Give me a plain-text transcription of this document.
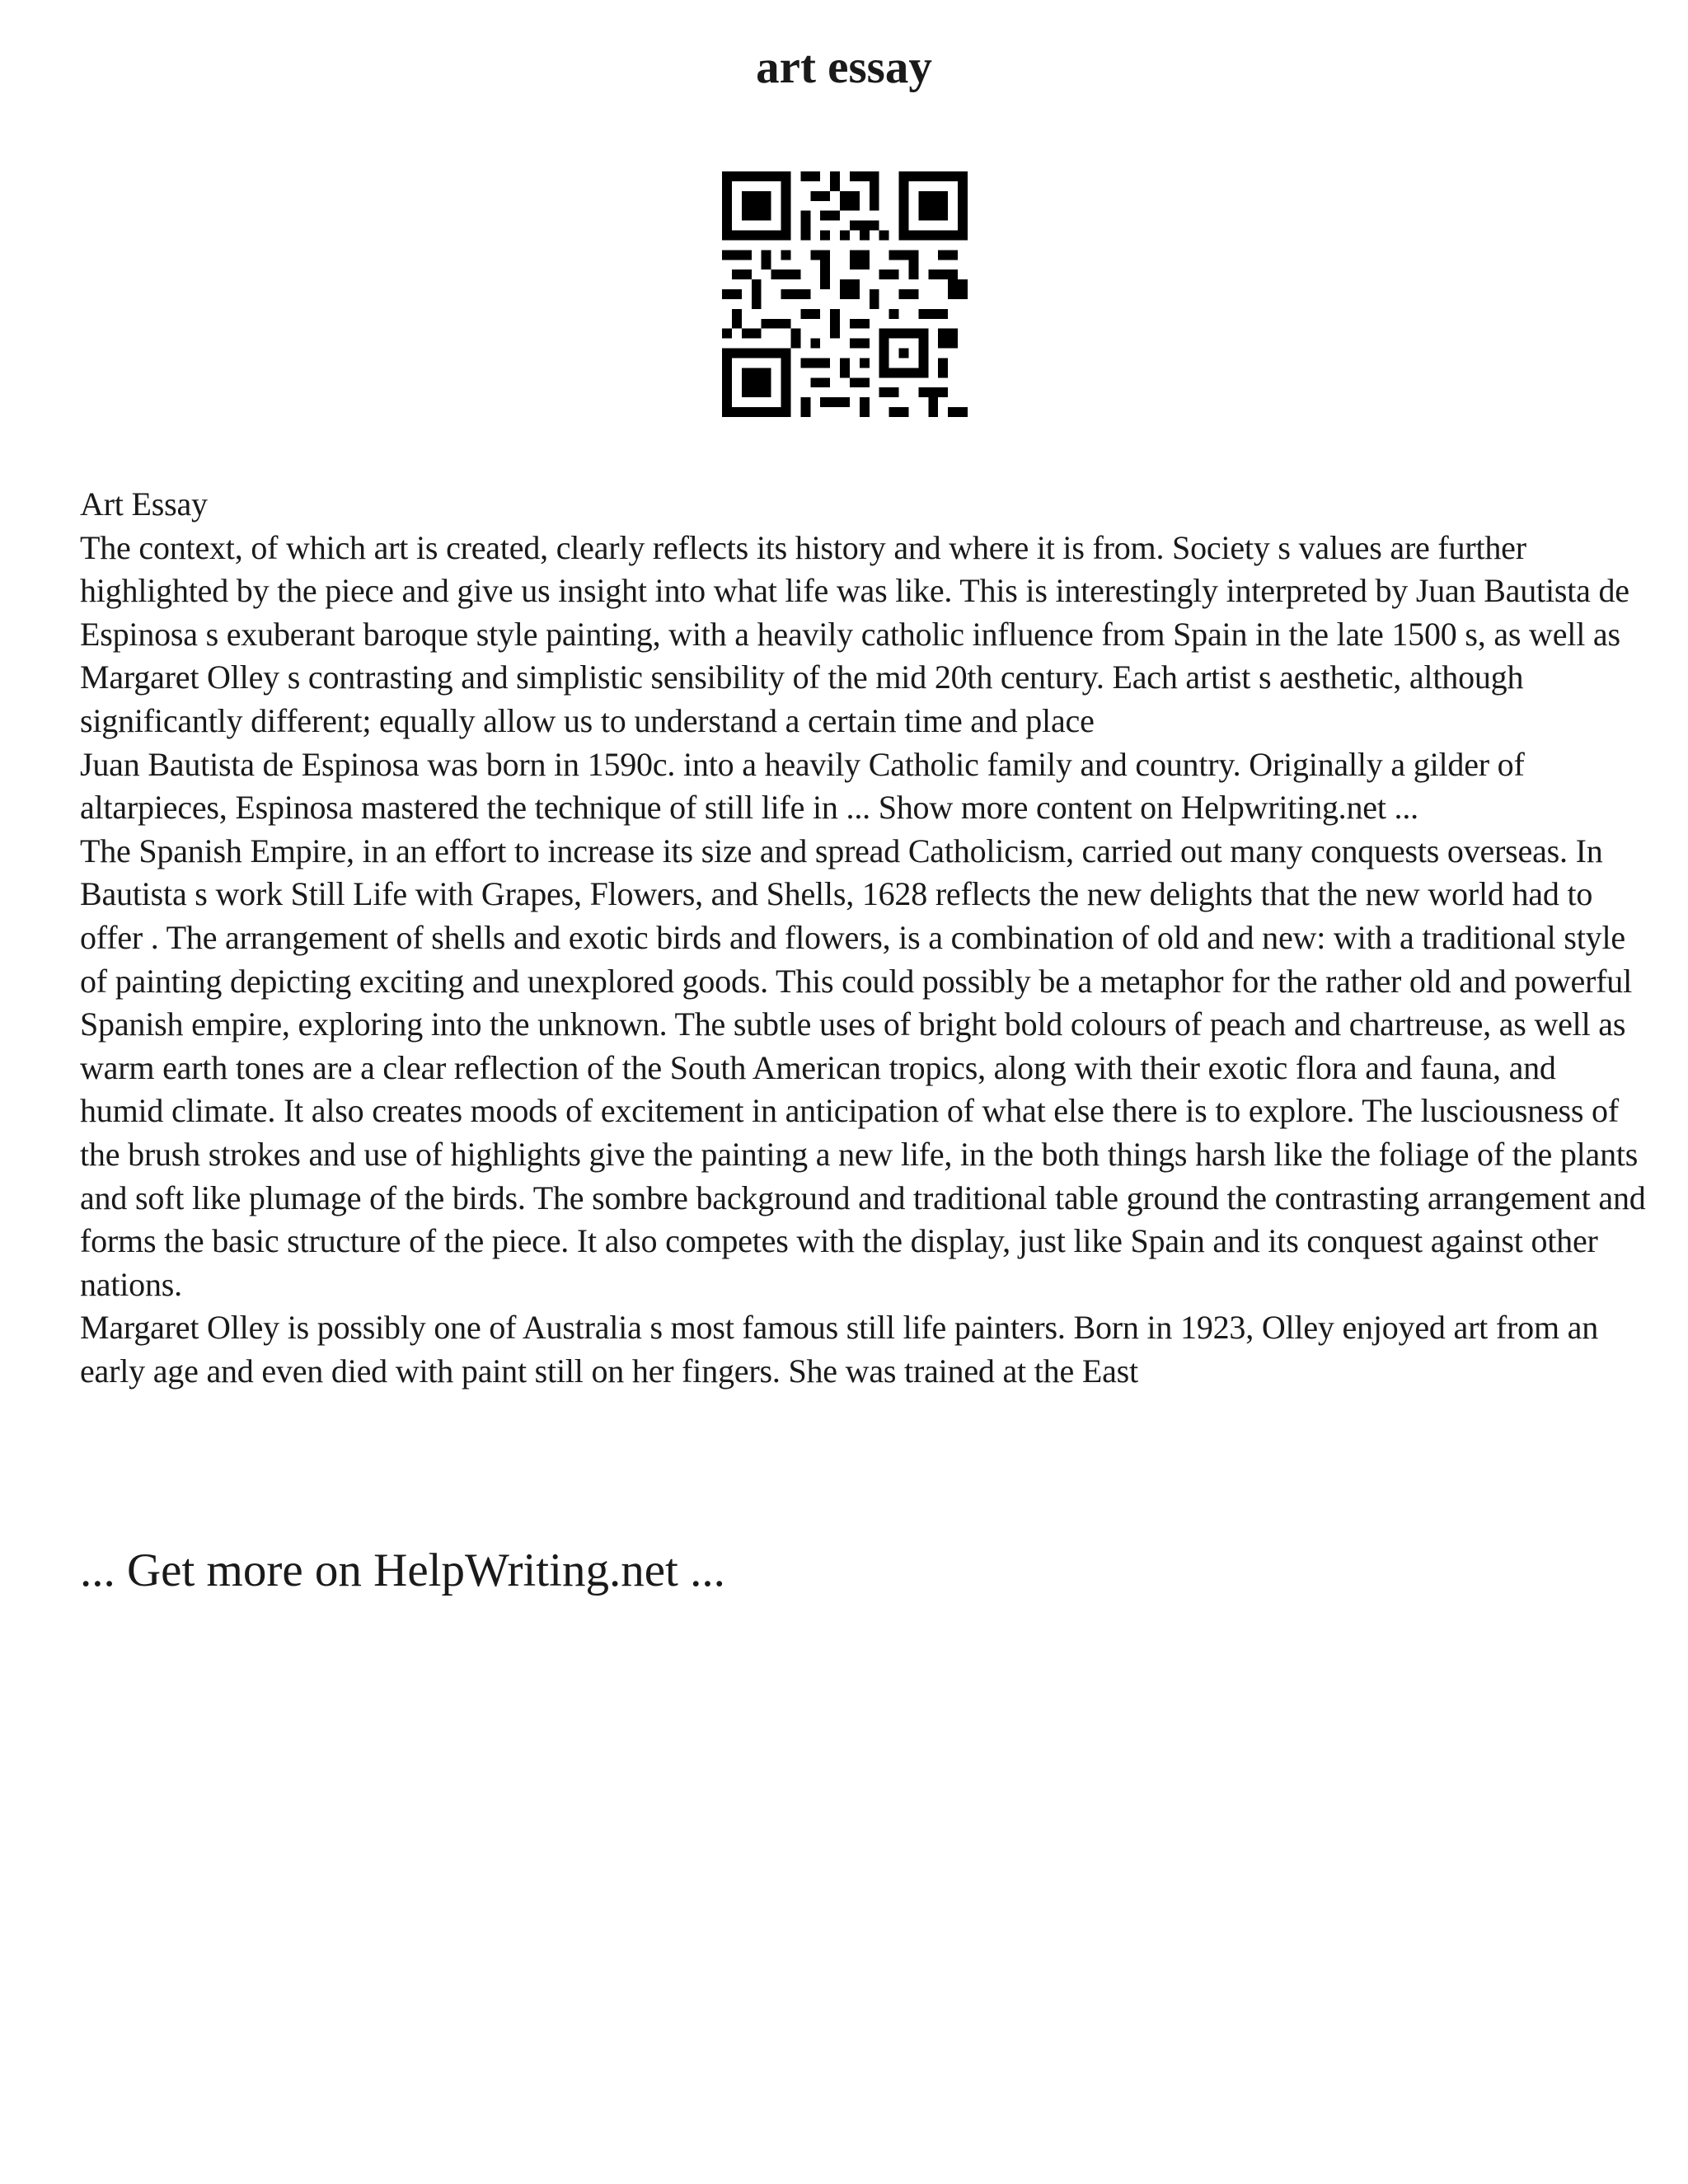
art essay

Art Essay

The context, of which art is created, clearly reflects its history and where it is from. Society s values are further highlighted by the piece and give us insight into what life was like. This is interestingly interpreted by Juan Bautista de Espinosa s exuberant baroque style painting, with a heavily catholic influence from Spain in the late 1500 s, as well as Margaret Olley s contrasting and simplistic sensibility of the mid 20th century. Each artist s aesthetic, although significantly different; equally allow us to understand a certain time and place

Juan Bautista de Espinosa was born in 1590c. into a heavily Catholic family and country. Originally a gilder of altarpieces, Espinosa mastered the technique of still life in ... Show more content on Helpwriting.net ...

The Spanish Empire, in an effort to increase its size and spread Catholicism, carried out many conquests overseas. In Bautista s work Still Life with Grapes, Flowers, and Shells, 1628 reflects the new delights that the new world had to offer . The arrangement of shells and exotic birds and flowers, is a combination of old and new: with a traditional style of painting depicting exciting and unexplored goods. This could possibly be a metaphor for the rather old and powerful Spanish empire, exploring into the unknown. The subtle uses of bright bold colours of peach and chartreuse, as well as warm earth tones are a clear reflection of the South American tropics, along with their exotic flora and fauna, and humid climate. It also creates moods of excitement in anticipation of what else there is to explore. The lusciousness of the brush strokes and use of highlights give the painting a new life, in the both things harsh like the foliage of the plants and soft like plumage of the birds. The sombre background and traditional table ground the contrasting arrangement and forms the basic structure of the piece. It also competes with the display, just like Spain and its conquest against other nations.

Margaret Olley is possibly one of Australia s most famous still life painters. Born in 1923, Olley enjoyed art from an early age and even died with paint still on her fingers. She was trained at the East

... Get more on HelpWriting.net ...
